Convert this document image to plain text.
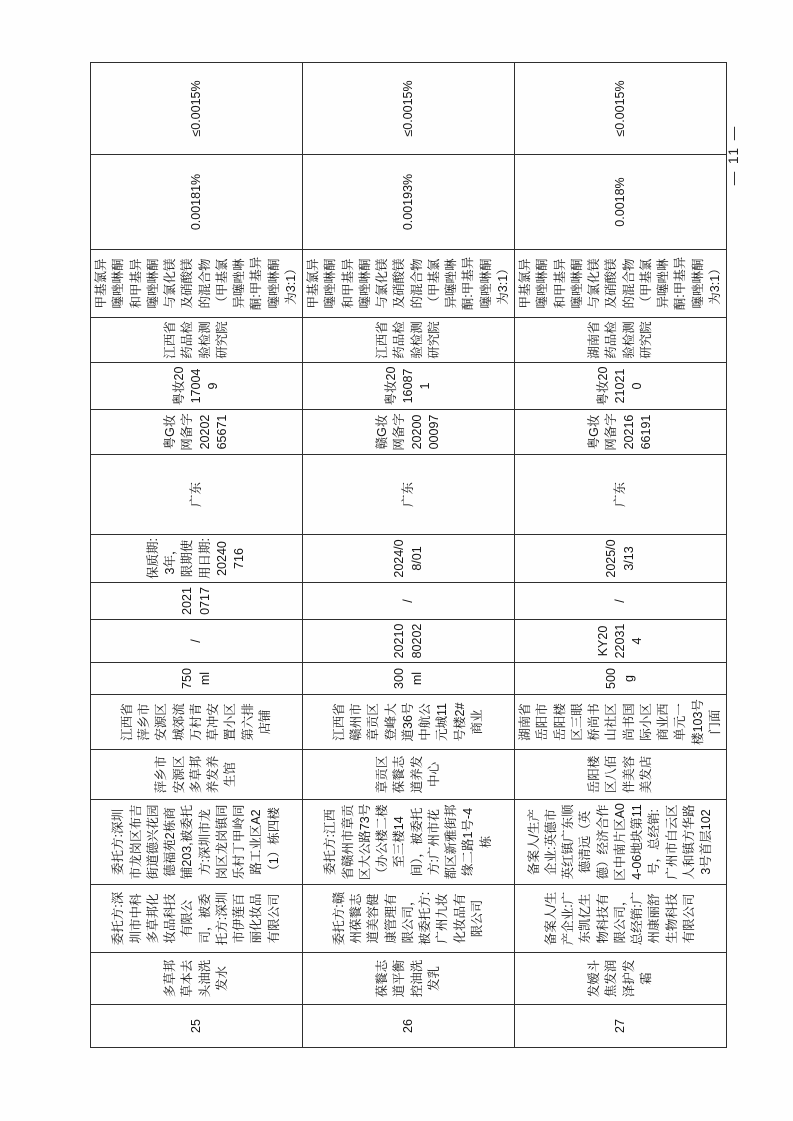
25	多草邦草本去头油洗发水	委托方:深圳市中科多草邦化妆品科技有限公司，被委托方:深圳市伊莲百丽化妆品有限公司	委托方:深圳市龙岗区布吉街道德兴花园德福苑2栋商铺203,被委托方:深圳市龙岗区龙岗镇同乐村丁甲岭同路工业区A2（1）栋四楼	萍乡市安源区多草邦养发养生馆	江西省萍乡市安源区城郊流万村青草冲安置小区第六排店铺	750ml	/	20210717	保质期:3年，限期使用日期:20240716	广东	粤G妆网备字2020265671	粤妆20170049	江西省药品检验检测研究院	甲基氯异噻唑啉酮和甲基异噻唑啉酮与氯化镁及硝酸镁的混合物（甲基氯异噻唑啉酮:甲基异噻唑啉酮为3:1）	0.00181%	≤0.0015%
26	葆餮志道平衡控油洗发乳	委托方:赣州葆餮志道美容健康管理有限公司，被委托方:广州九妆化妆品有限公司	委托方:江西省赣州市章贡区大公路73号（办公楼二楼至三楼14间），被委托方:广州市花都区新雅街邦缘二路1号-4栋	章贡区葆餮志道养发中心	江西省赣州市章贡区登峰大道36号中航公元城11号楼2#商业	300ml	2021080202	/	2024/08/01	广东	赣G妆网备字2020000097	粤妆20160871	江西省药品检验检测研究院	甲基氯异噻唑啉酮和甲基异噻唑啉酮与氯化镁及硝酸镁的混合物（甲基氯异噻唑啉酮:甲基异噻唑啉酮为3:1）	0.00193%	≤0.0015%
27	发嫒斗焦发润泽护发霜	备案人/生产企业:广东凯亿生物科技有限公司，总经销:广州康丽舒生物科技有限公司	备案人/生产企业:英德市英红镇广东顺德清远（英德）经济合作区中南片区A04-06地块第11号，总经销:广州市白云区人和镇方华路3号首层102	岳阳楼区八佰伴美容美发店	湖南省岳阳市岳阳楼区三眼桥尚书山社区尚书国际小区商业西单元一楼103号门面	500g	KY20220314	/	2025/03/13	广东	粤G妆网备字2021666191	粤妆20210210	湖南省药品检验检测研究院	甲基氯异噻唑啉酮和甲基异噻唑啉酮与氯化镁及硝酸镁的混合物（甲基氯异噻唑啉酮:甲基异噻唑啉酮为3:1）	0.0018%	≤0.0015%
— 11 —
